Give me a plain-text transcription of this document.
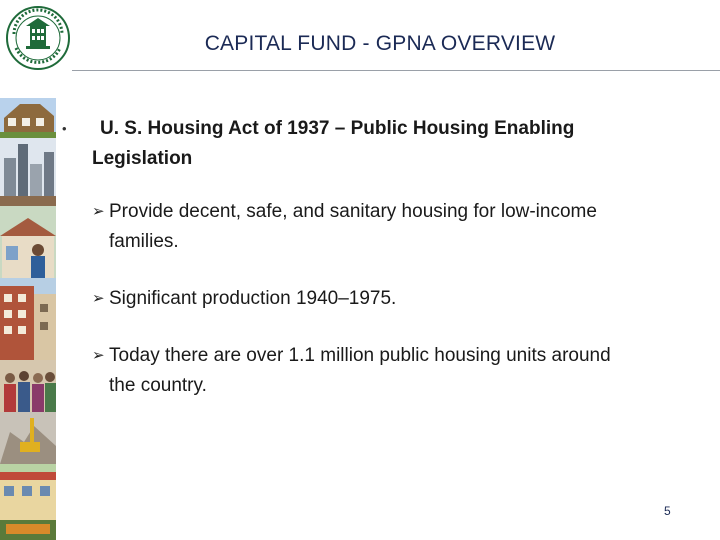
CAPITAL FUND - GPNA OVERVIEW
•	U. S. Housing Act of 1937 – Public Housing Enabling Legislation
➢ Provide decent, safe, and sanitary housing for low-income families.
➢ Significant production 1940–1975.
➢ Today there are over 1.1 million public housing units around the country.
5
